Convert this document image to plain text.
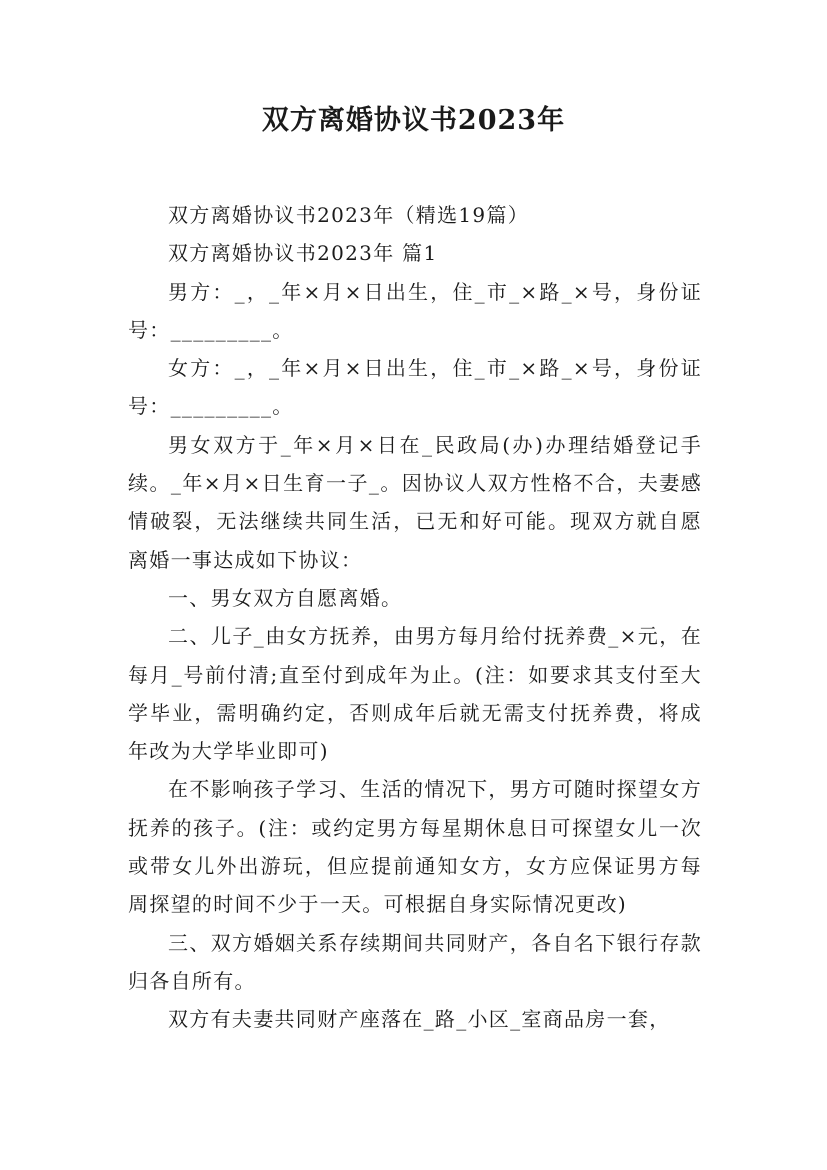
双方离婚协议书2023年

双方离婚协议书2023年（精选19篇）

双方离婚协议书2023年 篇1

男方：_，_年×月×日出生，住_市_×路_×号，身份证号：_________。

女方：_，_年×月×日出生，住_市_×路_×号，身份证号：_________。

男女双方于_年×月×日在_民政局(办)办理结婚登记手续。_年×月×日生育一子_。因协议人双方性格不合，夫妻感情破裂，无法继续共同生活，已无和好可能。现双方就自愿离婚一事达成如下协议：

一、男女双方自愿离婚。

二、儿子_由女方抚养，由男方每月给付抚养费_×元，在每月_号前付清;直至付到成年为止。(注：如要求其支付至大学毕业，需明确约定，否则成年后就无需支付抚养费，将成年改为大学毕业即可)

在不影响孩子学习、生活的情况下，男方可随时探望女方抚养的孩子。(注：或约定男方每星期休息日可探望女儿一次或带女儿外出游玩，但应提前通知女方，女方应保证男方每周探望的时间不少于一天。可根据自身实际情况更改)

三、双方婚姻关系存续期间共同财产，各自名下银行存款归各自所有。

双方有夫妻共同财产座落在_路_小区_室商品房一套，
